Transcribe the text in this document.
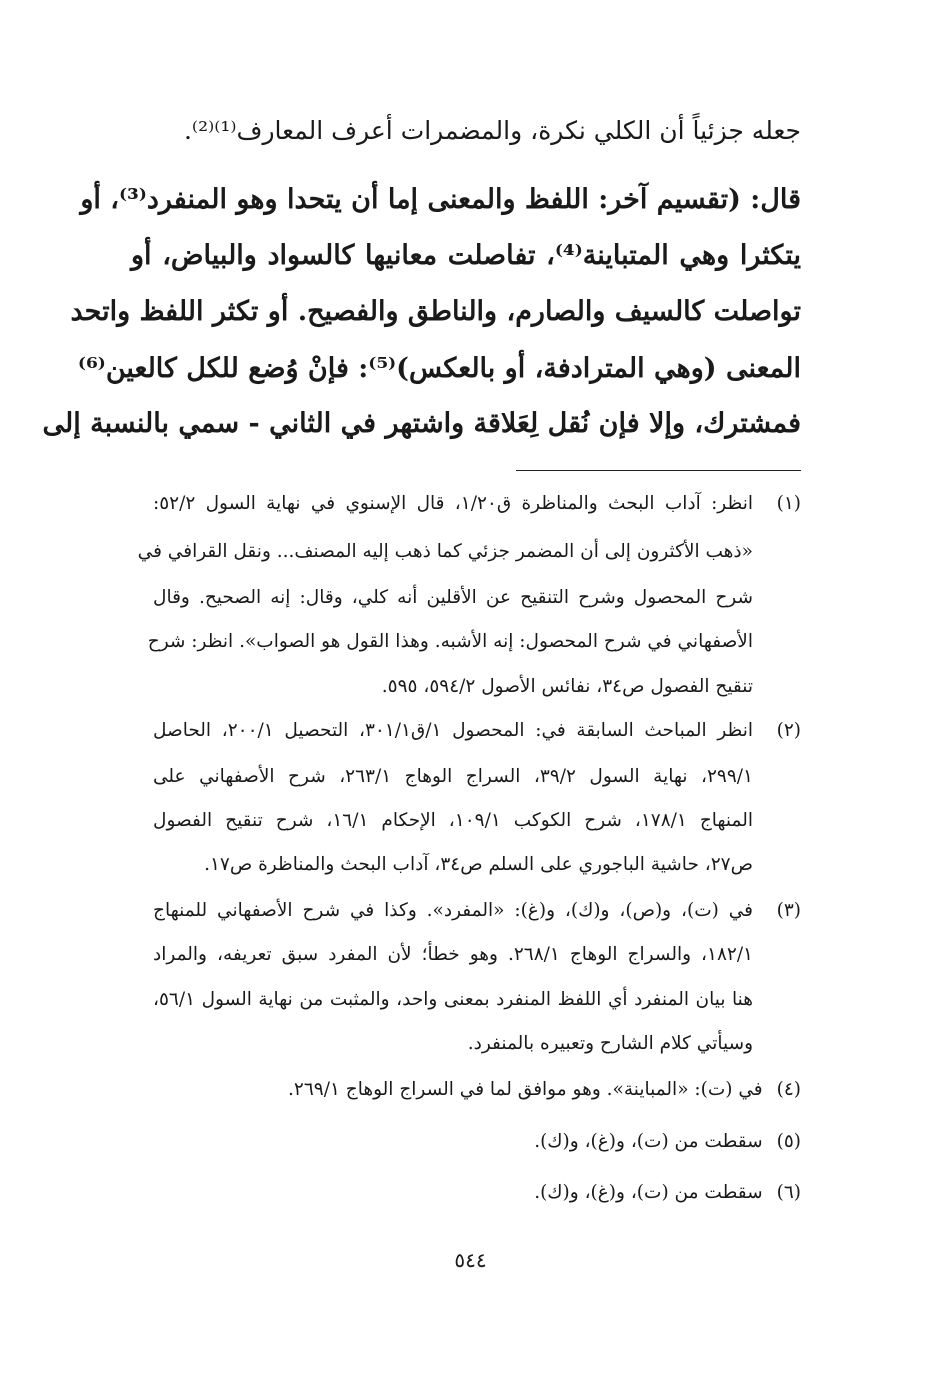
جعله جزئياً أن الكلي نكرة، والمضمرات أعرف المعارف⁽¹⁾⁽²⁾.
قال: (تقسيم آخر: اللفظ والمعنى إما أن يتحدا وهو المنفرد⁽³⁾، أو
يتكثرا وهي المتباينة⁽⁴⁾، تفاصلت معانيها كالسواد والبياض، أو
تواصلت كالسيف والصارم، والناطق والفصيح. أو تكثر اللفظ واتحد
المعنى (وهي المترادفة، أو بالعكس)⁽⁵⁾: فإنْ وُضع للكل كالعين⁽⁶⁾
فمشترك، وإلا فإن نُقل لِعَلاقة واشتهر في الثاني - سمي بالنسبة إلى
(١)
انظر: آداب البحث والمناظرة ق١/٢٠، قال الإسنوي في نهاية السول ٥٢/٢:
«ذهب الأكثرون إلى أن المضمر جزئي كما ذهب إليه المصنف... ونقل القرافي في
شرح المحصول وشرح التنقيح عن الأقلين أنه كلي، وقال: إنه الصحيح. وقال
الأصفهاني في شرح المحصول: إنه الأشبه. وهذا القول هو الصواب». انظر: شرح
تنقيح الفصول ص٣٤، نفائس الأصول ٥٩٤/٢، ٥٩٥.
(٢)
انظر المباحث السابقة في: المحصول ١/ق٣٠١/١، التحصيل ٢٠٠/١، الحاصل
٢٩٩/١، نهاية السول ٣٩/٢، السراج الوهاج ٢٦٣/١، شرح الأصفهاني على
المنهاج ١٧٨/١، شرح الكوكب ١٠٩/١، الإحكام ١٦/١، شرح تنقيح الفصول
ص٢٧، حاشية الباجوري على السلم ص٣٤، آداب البحث والمناظرة ص١٧.
(٣)
في (ت)، و(ص)، و(ك)، و(غ): «المفرد». وكذا في شرح الأصفهاني للمنهاج
١٨٢/١، والسراج الوهاج ٢٦٨/١. وهو خطأ؛ لأن المفرد سبق تعريفه، والمراد
هنا بيان المنفرد أي اللفظ المنفرد بمعنى واحد، والمثبت من نهاية السول ٥٦/١،
وسيأتي كلام الشارح وتعبيره بالمنفرد.
(٤)في (ت): «المباينة». وهو موافق لما في السراج الوهاج ٢٦٩/١.
(٥)سقطت من (ت)، و(غ)، و(ك).
(٦)سقطت من (ت)، و(غ)، و(ك).
٥٤٤
